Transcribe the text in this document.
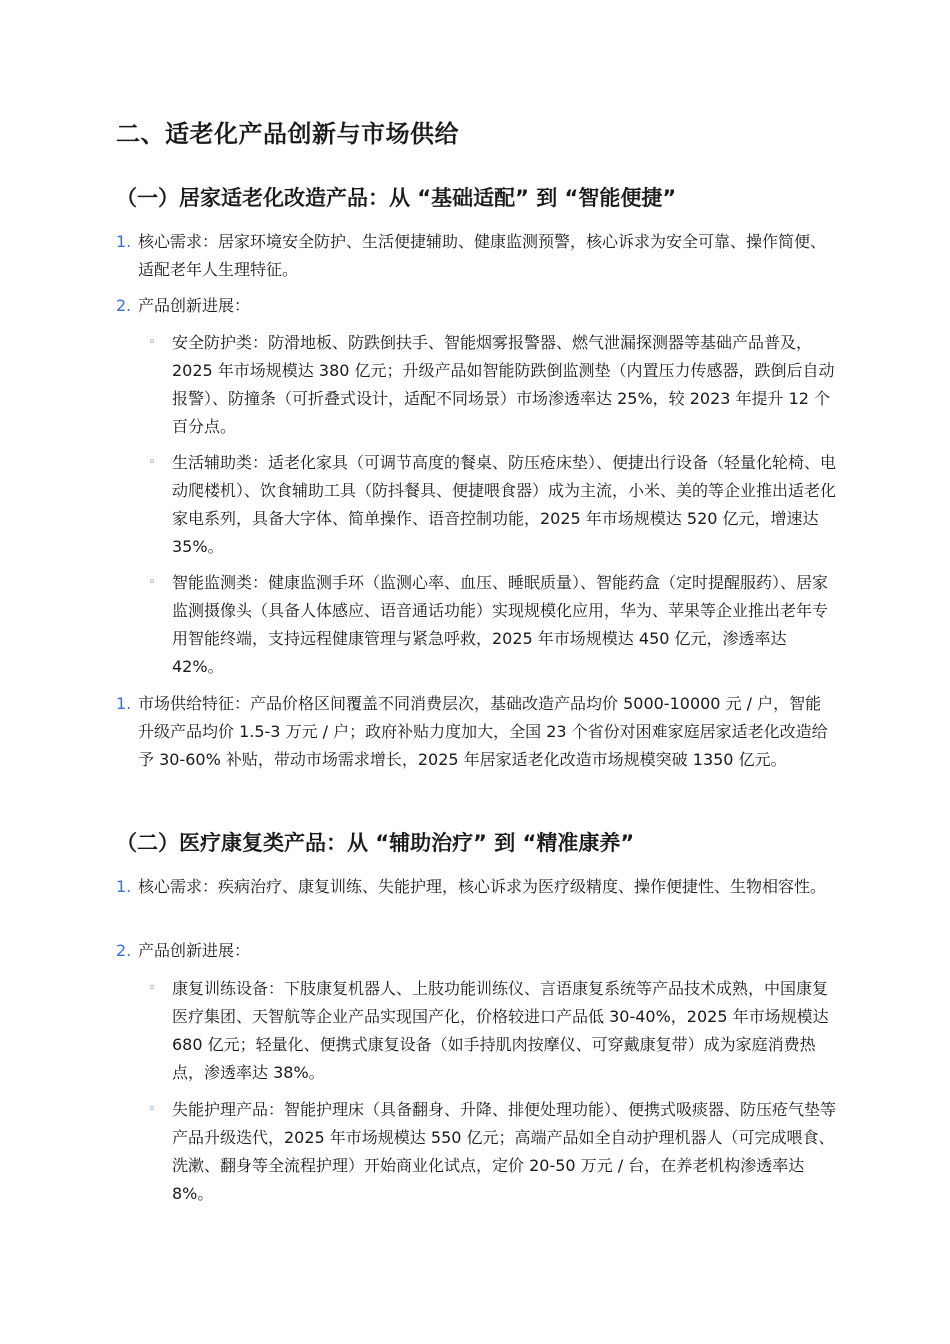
二、适老化产品创新与市场供给
（一）居家适老化改造产品：从 “基础适配” 到 “智能便捷”
1. 核心需求：居家环境安全防护、生活便捷辅助、健康监测预警，核心诉求为安全可靠、操作简便、适配老年人生理特征。
2. 产品创新进展：
◦ 安全防护类：防滑地板、防跌倒扶手、智能烟雾报警器、燃气泄漏探测器等基础产品普及，2025 年市场规模达 380 亿元；升级产品如智能防跌倒监测垫（内置压力传感器，跌倒后自动报警）、防撞条（可折叠式设计，适配不同场景）市场渗透率达 25%，较 2023 年提升 12 个百分点。
◦ 生活辅助类：适老化家具（可调节高度的餐桌、防压疮床垫）、便捷出行设备（轻量化轮椅、电动爬楼机）、饮食辅助工具（防抖餐具、便捷喂食器）成为主流，小米、美的等企业推出适老化家电系列，具备大字体、简单操作、语音控制功能，2025 年市场规模达 520 亿元，增速达 35%。
◦ 智能监测类：健康监测手环（监测心率、血压、睡眠质量）、智能药盒（定时提醒服药）、居家监测摄像头（具备人体感应、语音通话功能）实现规模化应用，华为、苹果等企业推出老年专用智能终端，支持远程健康管理与紧急呼救，2025 年市场规模达 450 亿元，渗透率达 42%。
1. 市场供给特征：产品价格区间覆盖不同消费层次，基础改造产品均价 5000-10000 元 / 户，智能升级产品均价 1.5-3 万元 / 户；政府补贴力度加大，全国 23 个省份对困难家庭居家适老化改造给予 30-60% 补贴，带动市场需求增长，2025 年居家适老化改造市场规模突破 1350 亿元。
（二）医疗康复类产品：从 “辅助治疗” 到 “精准康养”
1. 核心需求：疾病治疗、康复训练、失能护理，核心诉求为医疗级精度、操作便捷性、生物相容性。
2. 产品创新进展：
◦ 康复训练设备：下肢康复机器人、上肢功能训练仪、言语康复系统等产品技术成熟，中国康复医疗集团、天智航等企业产品实现国产化，价格较进口产品低 30-40%，2025 年市场规模达 680 亿元；轻量化、便携式康复设备（如手持肌肉按摩仪、可穿戴康复带）成为家庭消费热点，渗透率达 38%。
◦ 失能护理产品：智能护理床（具备翻身、升降、排便处理功能）、便携式吸痰器、防压疮气垫等产品升级迭代，2025 年市场规模达 550 亿元；高端产品如全自动护理机器人（可完成喂食、洗漱、翻身等全流程护理）开始商业化试点，定价 20-50 万元 / 台，在养老机构渗透率达 8%。
